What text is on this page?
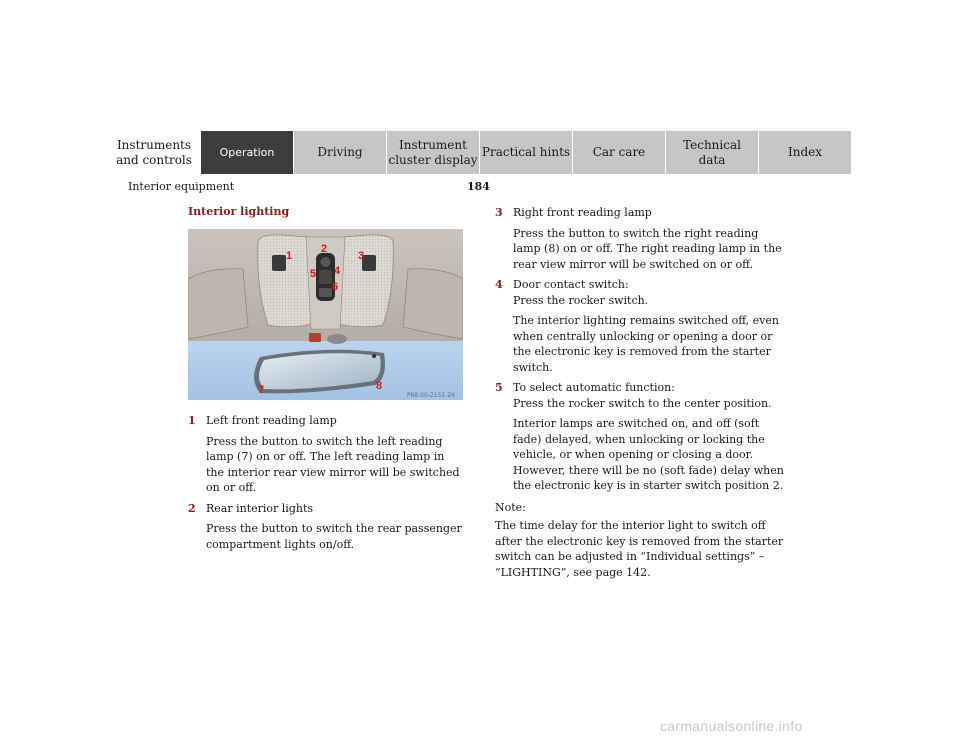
Instruments
and controls	Operation	Driving
Instrument
cluster display
Practical hints Car care
Technical
data
Index
Interior equipment	184
Interior lighting
1
2
3
4
5
6
7	8
P68.00-2151-26
1 Left front reading lamp
Press the button to switch the left reading lamp (7) on or off. The left reading lamp in the interior rear view mirror will be switched on or off.
2 Rear interior lights
Press the button to switch the rear passenger compartment lights on/off.
3 Right front reading lamp
Press the button to switch the right reading lamp (8) on or off. The right reading lamp in the rear view mirror will be switched on or off.
4 Door contact switch:
Press the rocker switch.
The interior lighting remains switched off, even when centrally unlocking or opening a door or the electronic key is removed from the starter switch.
5 To select automatic function:
Press the rocker switch to the center position.
Interior lamps are switched on, and off (soft fade) delayed, when unlocking or locking the vehicle, or when opening or closing a door. However, there will be no (soft fade) delay when the electronic key is in starter switch position 2.
Note:
The time delay for the interior light to switch off after the electronic key is removed from the starter switch can be adjusted in “Individual settings” – “LIGHTING”, see page 142.
carmanualsonline.info
